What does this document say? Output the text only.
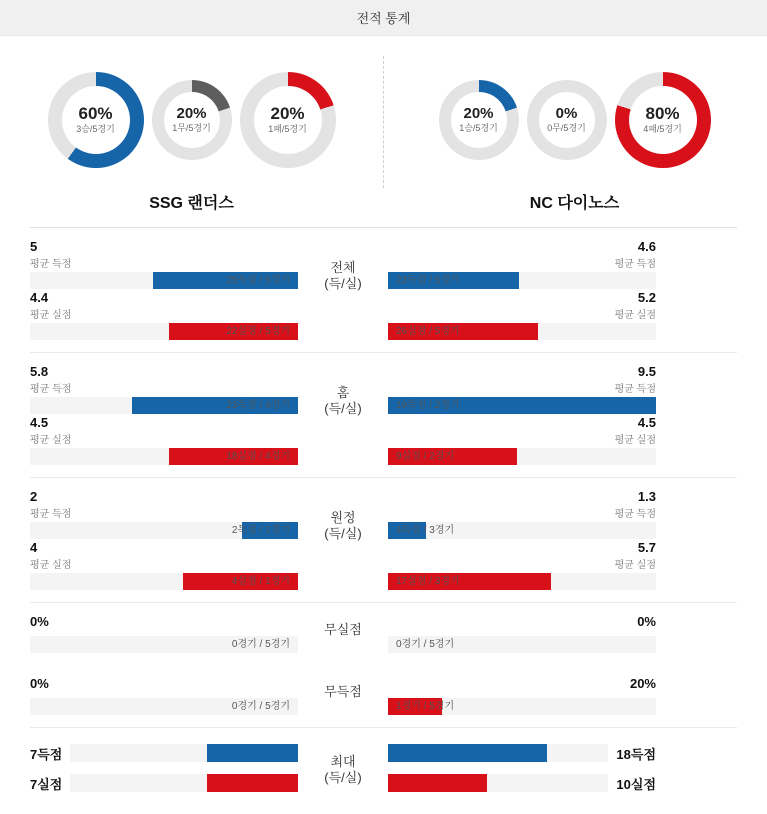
전적 통계
60%
3승/5경기
20%
1무/5경기
20%
1패/5경기
20%
1승/5경기
0%
0무/5경기
80%
4패/5경기
SSG 랜더스	NC 다이노스
5
평균 득점
25득점 / 5경기
4.4
평균 실점
22실점 / 5경기
전체
(득/실)
4.6
평균 득점
23득점 / 5경기
5.2
평균 실점
26실점 / 5경기
5.8
평균 득점
23득점 / 4경기
4.5
평균 실점
18실점 / 4경기
홈
(득/실)
9.5
평균 득점
19득점 / 2경기
4.5
평균 실점
9실점 / 2경기
2
평균 득점
2득점 / 1경기
4
평균 실점
4실점 / 1경기
원정
(득/실)
1.3
평균 득점
4득점 / 3경기
5.7
평균 실점
17실점 / 3경기
0%
0경기 / 5경기
무실점
0%
0경기 / 5경기
0%
0경기 / 5경기
무득점
20%
1경기 / 5경기
7득점
7실점
최대
(득/실)
18득점
10실점
